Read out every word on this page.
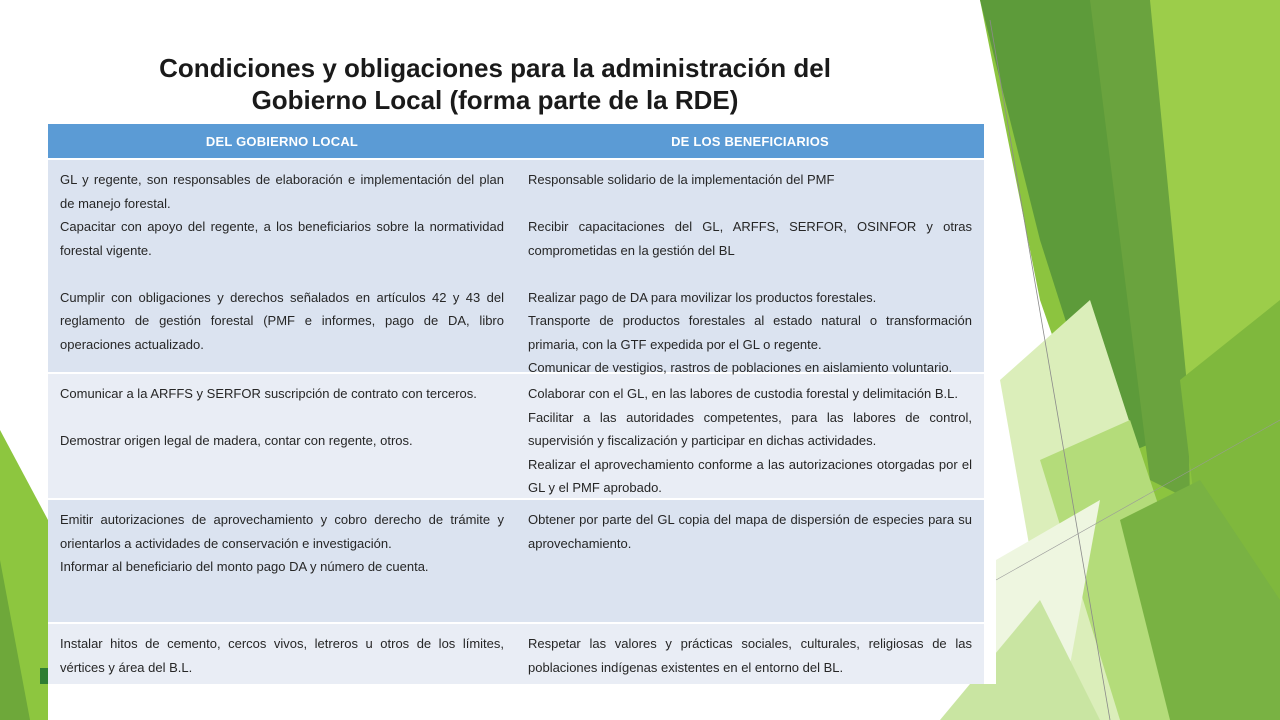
Condiciones y obligaciones para la administración del
Gobierno Local (forma parte de la RDE)
DEL GOBIERNO LOCAL	DE LOS BENEFICIARIOS

GL y regente, son responsables de elaboración e implementación del plan de manejo forestal.

Capacitar con apoyo del regente, a los beneficiarios sobre la normatividad forestal vigente.

Cumplir con obligaciones y derechos señalados en artículos 42 y 43 del reglamento de gestión forestal (PMF e informes, pago de DA, libro operaciones actualizado.

Responsable solidario de la implementación del PMF

Recibir capacitaciones del GL, ARFFS, SERFOR, OSINFOR y otras comprometidas en la gestión del BL

Realizar pago de DA para movilizar los productos forestales.

Transporte de productos forestales al estado natural o transformación primaria, con la GTF expedida por el GL o regente.

Comunicar de vestigios, rastros de poblaciones en aislamiento voluntario.

Comunicar a la ARFFS y SERFOR suscripción de contrato con terceros.

Demostrar origen legal de madera, contar con regente, otros.

Colaborar con el GL, en las labores de custodia forestal y delimitación B.L.

Facilitar a las autoridades competentes, para las labores de control, supervisión y fiscalización y participar en dichas actividades.

Realizar el aprovechamiento conforme a las autorizaciones otorgadas por el GL y el PMF aprobado.

Emitir autorizaciones de aprovechamiento y cobro derecho de trámite y orientarlos a actividades de conservación e investigación.

Informar al beneficiario del monto pago DA y número de cuenta.

Obtener por parte del GL copia del mapa de dispersión de especies para su aprovechamiento.

Instalar hitos de cemento, cercos vivos, letreros u otros de los límites, vértices y área del B.L.

Respetar las valores y prácticas sociales, culturales, religiosas de las poblaciones indígenas existentes en el entorno del BL.
